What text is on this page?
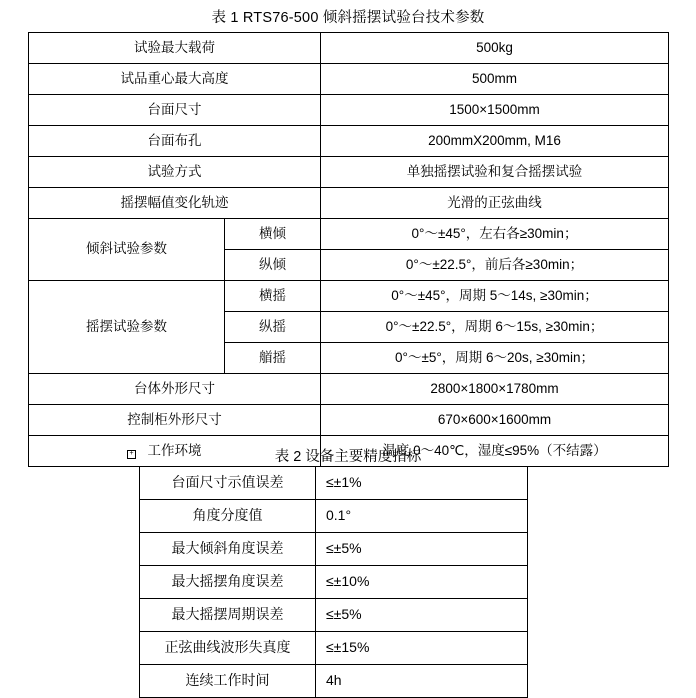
表 1 RTS76-500 倾斜摇摆试验台技术参数
试验最大载荷		500kg
试品重心最大高度		500mm
台面尺寸		1500×1500mm
台面布孔		200mmX200mm, M16
试验方式		单独摇摆试验和复合摇摆试验
摇摆幅值变化轨迹		光滑的正弦曲线
倾斜试验参数	横倾	0°～±45°，左右各≥30min；
	纵倾	0°～±22.5°，前后各≥30min；
摇摆试验参数	横摇	0°～±45°，周期 5～14s, ≥30min；
	纵摇	0°～±22.5°，周期 6～15s, ≥30min；
	艏摇	0°～±5°，周期 6～20s, ≥30min；
台体外形尺寸		2800×1800×1780mm
控制柜外形尺寸		670×600×1600mm
工作环境		温度 0～40℃，湿度≤95%（不结露）
+
表 2 设备主要精度指标
台面尺寸示值误差	≤±1%
角度分度值	0.1°
最大倾斜角度误差	≤±5%
最大摇摆角度误差	≤±10%
最大摇摆周期误差	≤±5%
正弦曲线波形失真度	≤±15%
连续工作时间	4h
